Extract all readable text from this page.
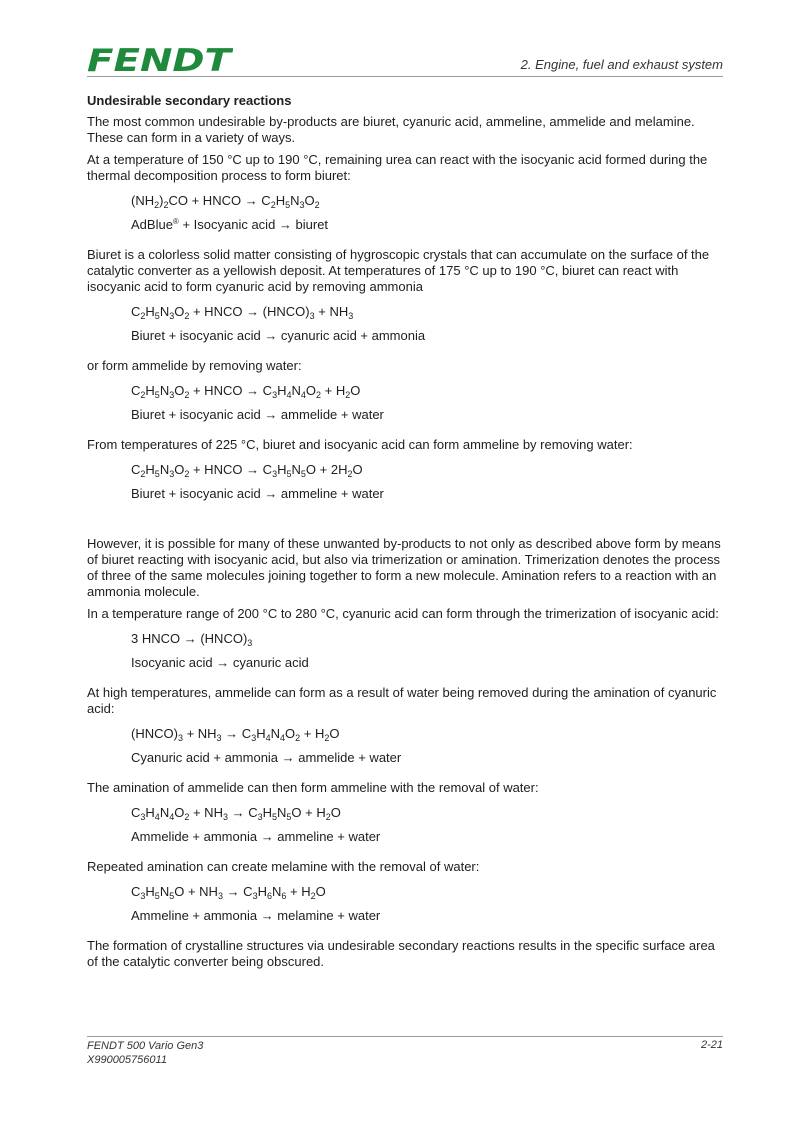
FENDT	2. Engine, fuel and exhaust system
Undesirable secondary reactions

The most common undesirable by-products are biuret, cyanuric acid, ammeline, ammelide and melamine. These can form in a variety of ways.

At a temperature of 150 °C up to 190 °C, remaining urea can react with the isocyanic acid formed during the thermal decomposition process to form biuret:

$(NH_2)_2CO$ + HNCO → $C_2H_5N_3O_2$
AdBlue® + Isocyanic acid → biuret

Biuret is a colorless solid matter consisting of hygroscopic crystals that can accumulate on the surface of the catalytic converter as a yellowish deposit. At temperatures of 175 °C up to 190 °C, biuret can react with isocyanic acid to form cyanuric acid by removing ammonia

$C_2H_5N_3O_2$ + HNCO → $(HNCO)_3 + NH_3$
Biuret + isocyanic acid → cyanuric acid + ammonia

or form ammelide by removing water:

$C_2H_5N_3O_2$ + HNCO → $C_3H_4N_4O_2 + H_2O$
Biuret + isocyanic acid → ammelide + water

From temperatures of 225 °C, biuret and isocyanic acid can form ammeline by removing water:

$C_2H_5N_3O_2$ + HNCO → $C_3H_5N_5O + 2H_2O$
Biuret + isocyanic acid → ammeline + water

However, it is possible for many of these unwanted by-products to not only as described above form by means of biuret reacting with isocyanic acid, but also via trimerization or amination. Trimerization denotes the process of three of the same molecules joining together to form a new molecule. Amination refers to a reaction with an ammonia molecule.

In a temperature range of 200 °C to 280 °C, cyanuric acid can form through the trimerization of isocyanic acid:

3 HNCO → $(HNCO)_3$
Isocyanic acid → cyanuric acid

At high temperatures, ammelide can form as a result of water being removed during the amination of cyanuric acid:

$(HNCO)_3 + NH_3 \to C_3H_4N_4O_2 + H_2O$
Cyanuric acid + ammonia → ammelide + water

The amination of ammelide can then form ammeline with the removal of water:

$C_3H_4N_4O_2 + NH_3 \to C_3H_5N_5O + H_2O$
Ammelide + ammonia → ammeline + water

Repeated amination can create melamine with the removal of water:

$C_3H_5N_5O + NH_3 \to C_3H_6N_6 + H_2O$
Ammeline + ammonia → melamine + water

The formation of crystalline structures via undesirable secondary reactions results in the specific surface area of the catalytic converter being obscured.

FENDT 500 Vario Gen3
X990005756011
2-21
